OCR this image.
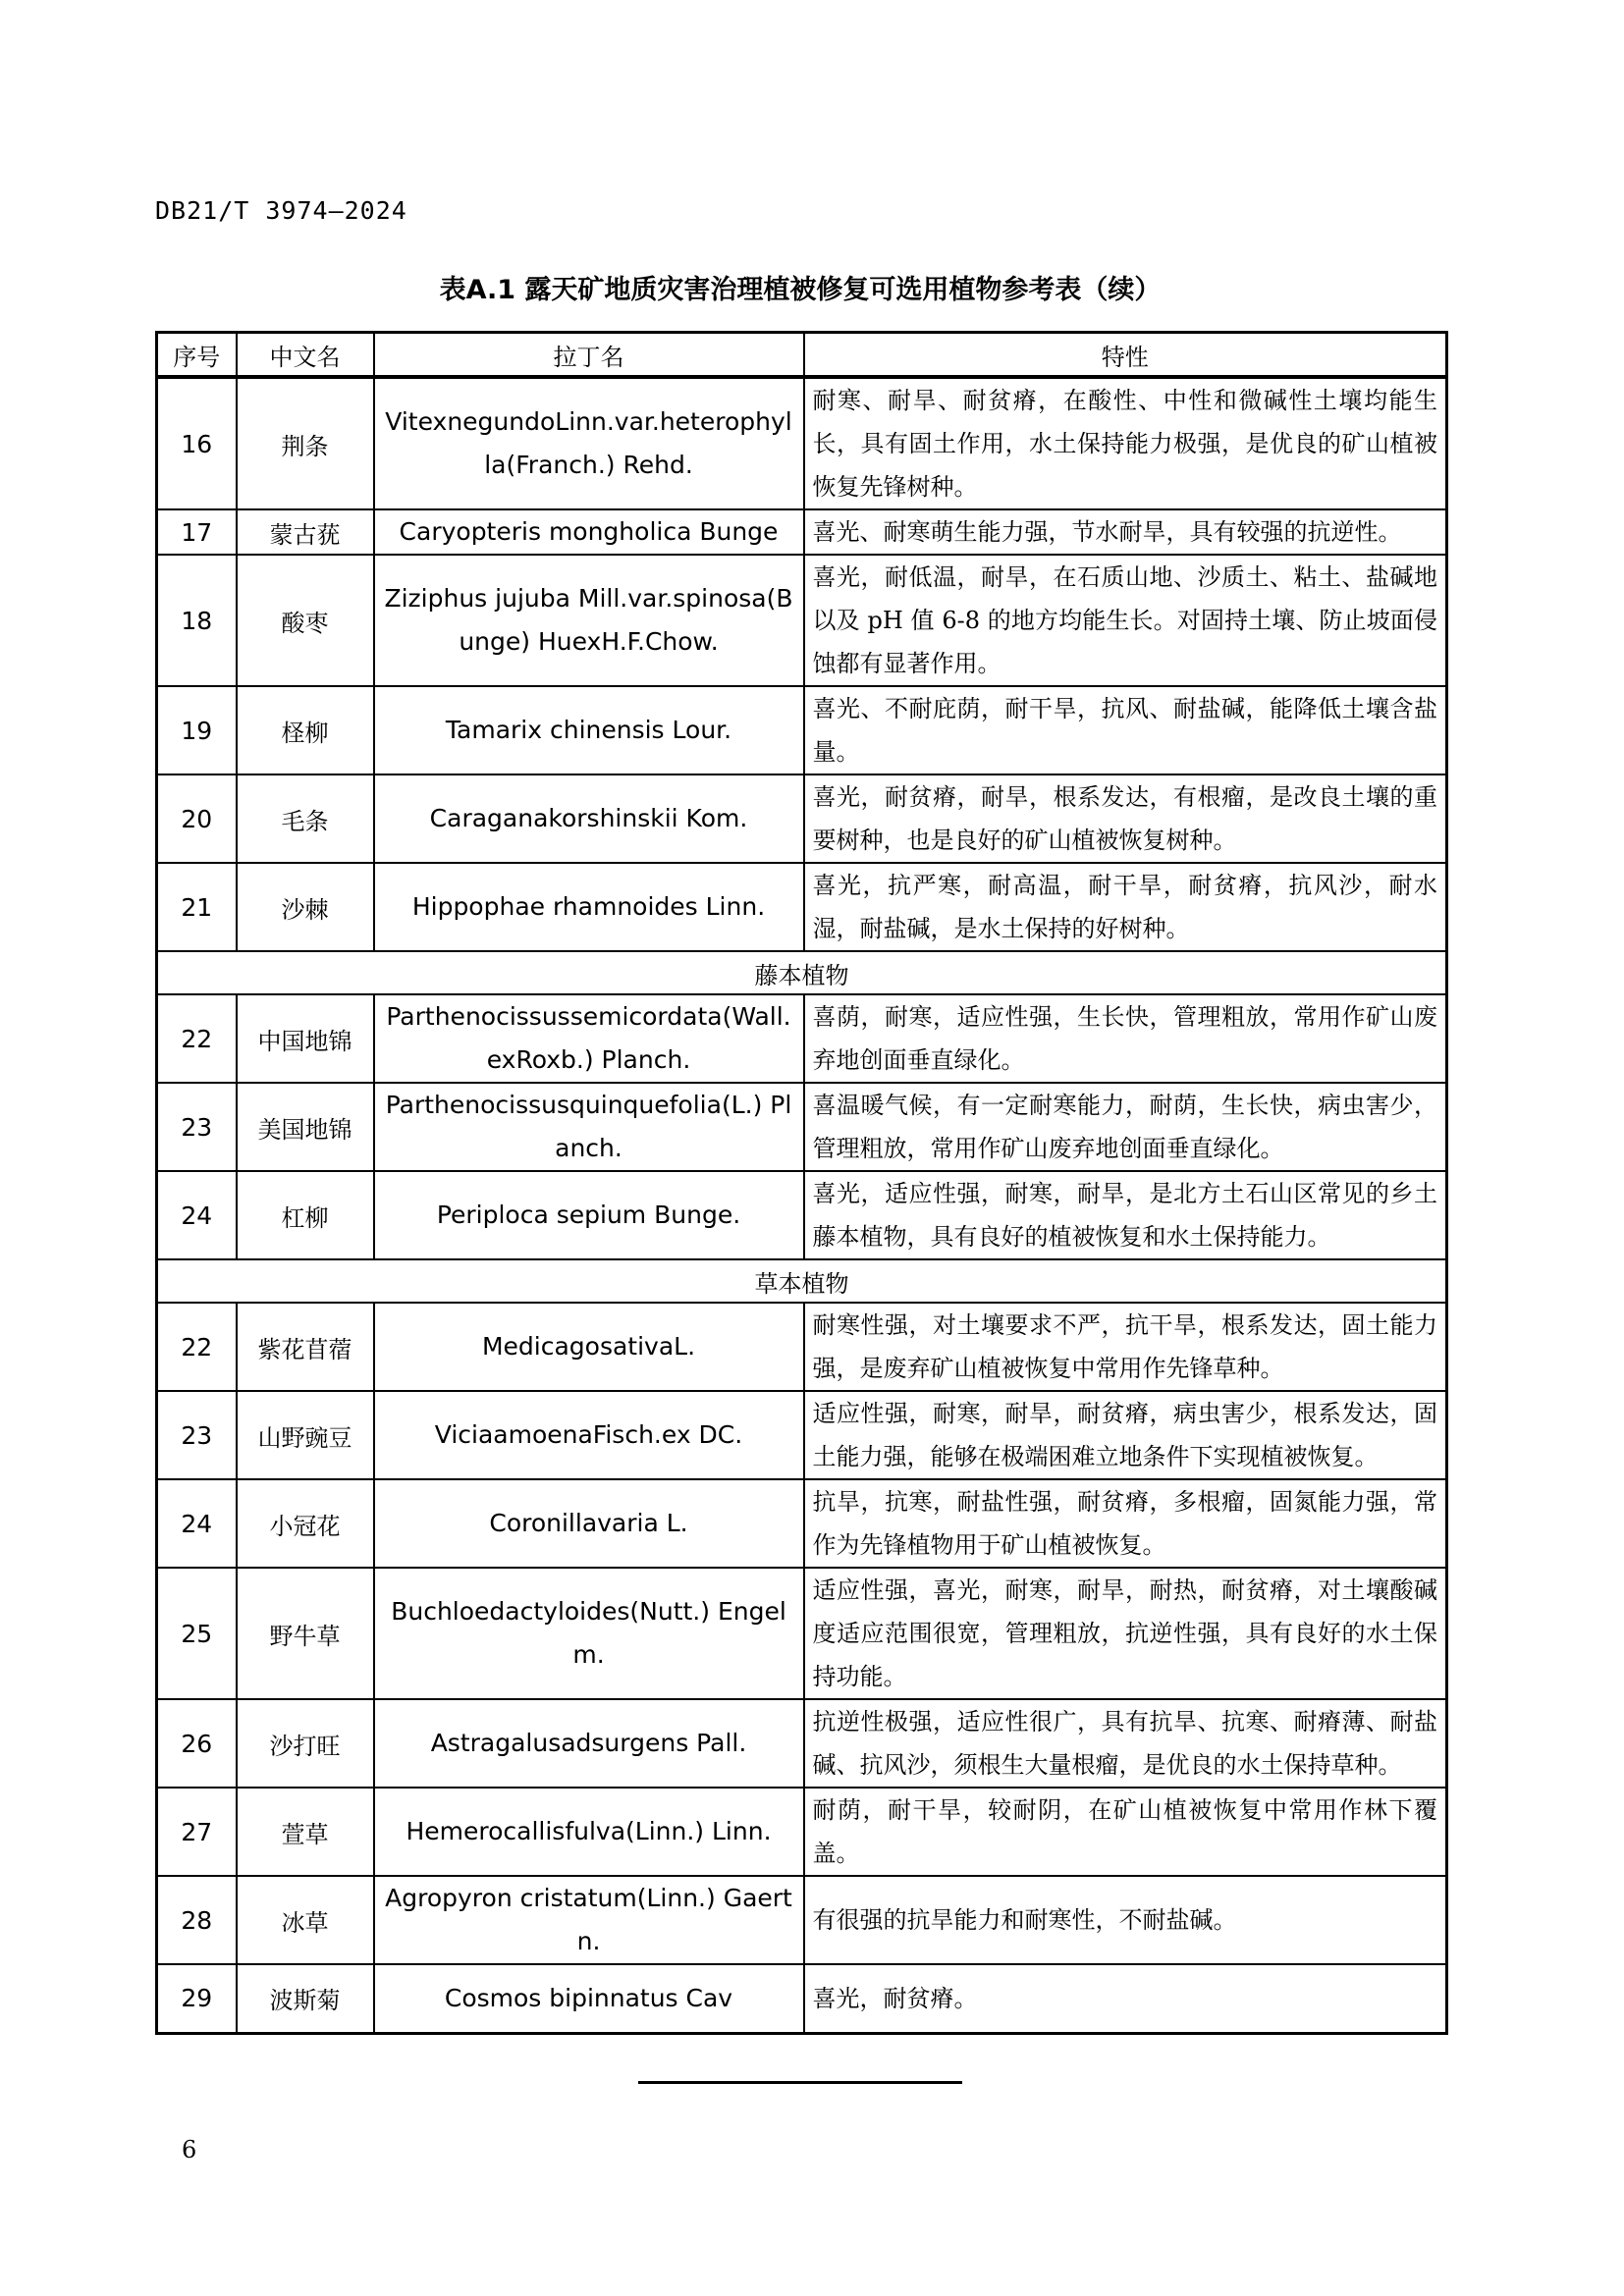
DB21/T 3974—2024
表A.1 露天矿地质灾害治理植被修复可选用植物参考表（续）
序号	中文名	拉丁名	特性
16	荆条	VitexnegundoLinn.var.heterophylla(Franch.) Rehd.	耐寒、耐旱、耐贫瘠，在酸性、中性和微碱性土壤均能生长，具有固土作用，水土保持能力极强，是优良的矿山植被恢复先锋树种。
17	蒙古莸	Caryopteris mongholica Bunge	喜光、耐寒萌生能力强，节水耐旱，具有较强的抗逆性。
18	酸枣	Ziziphus jujuba Mill.var.spinosa(Bunge) HuexH.F.Chow.	喜光，耐低温，耐旱，在石质山地、沙质土、粘土、盐碱地以及 pH 值 6-8 的地方均能生长。对固持土壤、防止坡面侵蚀都有显著作用。
19	柽柳	Tamarix chinensis Lour.	喜光、不耐庇荫，耐干旱，抗风、耐盐碱，能降低土壤含盐量。
20	毛条	Caraganakorshinskii Kom.	喜光，耐贫瘠，耐旱，根系发达，有根瘤，是改良土壤的重要树种，也是良好的矿山植被恢复树种。
21	沙棘	Hippophae rhamnoides Linn.	喜光，抗严寒，耐高温，耐干旱，耐贫瘠，抗风沙，耐水湿，耐盐碱，是水土保持的好树种。
藤本植物			
22	中国地锦	Parthenocissussemicordata(Wall.exRoxb.) Planch.	喜荫，耐寒，适应性强，生长快，管理粗放，常用作矿山废弃地创面垂直绿化。
23	美国地锦	Parthenocissusquinquefolia(L.) Planch.	喜温暖气候，有一定耐寒能力，耐荫，生长快，病虫害少，管理粗放，常用作矿山废弃地创面垂直绿化。
24	杠柳	Periploca sepium Bunge.	喜光，适应性强，耐寒，耐旱，是北方土石山区常见的乡土藤本植物，具有良好的植被恢复和水土保持能力。
草本植物			
22	紫花苜蓿	MedicagosativaL.	耐寒性强，对土壤要求不严，抗干旱，根系发达，固土能力强，是废弃矿山植被恢复中常用作先锋草种。
23	山野豌豆	ViciaamoenaFisch.ex DC.	适应性强，耐寒，耐旱，耐贫瘠，病虫害少，根系发达，固土能力强，能够在极端困难立地条件下实现植被恢复。
24	小冠花	Coronillavaria L.	抗旱，抗寒，耐盐性强，耐贫瘠，多根瘤，固氮能力强，常作为先锋植物用于矿山植被恢复。
25	野牛草	Buchloedactyloides(Nutt.) Engelm.	适应性强，喜光，耐寒，耐旱，耐热，耐贫瘠，对土壤酸碱度适应范围很宽，管理粗放，抗逆性强，具有良好的水土保持功能。
26	沙打旺	Astragalusadsurgens Pall.	抗逆性极强，适应性很广，具有抗旱、抗寒、耐瘠薄、耐盐碱、抗风沙，须根生大量根瘤，是优良的水土保持草种。
27	萱草	Hemerocallisfulva(Linn.) Linn.	耐荫，耐干旱，较耐阴，在矿山植被恢复中常用作林下覆盖。
28	冰草	Agropyron cristatum(Linn.) Gaertn.	有很强的抗旱能力和耐寒性，不耐盐碱。
29	波斯菊	Cosmos bipinnatus Cav	喜光，耐贫瘠。
6
